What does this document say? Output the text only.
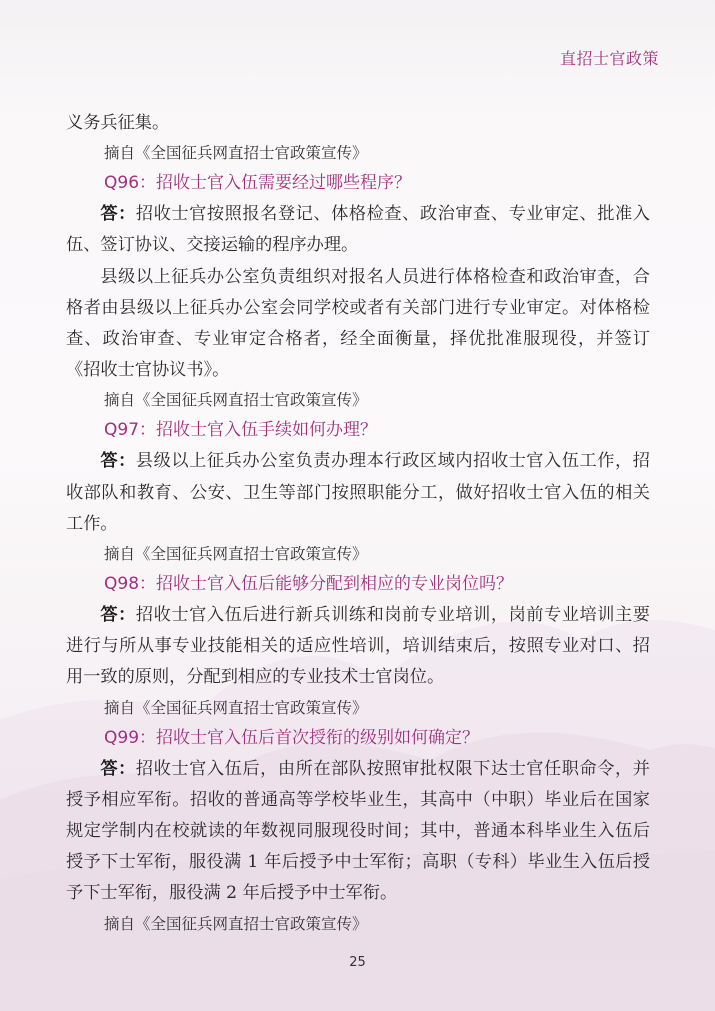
直招士官政策

义务兵征集。

摘自《全国征兵网直招士官政策宣传》

Q96：招收士官入伍需要经过哪些程序？

答：招收士官按照报名登记、体格检查、政治审查、专业审定、批准入伍、签订协议、交接运输的程序办理。

县级以上征兵办公室负责组织对报名人员进行体格检查和政治审查，合格者由县级以上征兵办公室会同学校或者有关部门进行专业审定。对体格检查、政治审查、专业审定合格者，经全面衡量，择优批准服现役，并签订《招收士官协议书》。

摘自《全国征兵网直招士官政策宣传》

Q97：招收士官入伍手续如何办理？

答：县级以上征兵办公室负责办理本行政区域内招收士官入伍工作，招收部队和教育、公安、卫生等部门按照职能分工，做好招收士官入伍的相关工作。

摘自《全国征兵网直招士官政策宣传》

Q98：招收士官入伍后能够分配到相应的专业岗位吗？

答：招收士官入伍后进行新兵训练和岗前专业培训，岗前专业培训主要进行与所从事专业技能相关的适应性培训，培训结束后，按照专业对口、招用一致的原则，分配到相应的专业技术士官岗位。

摘自《全国征兵网直招士官政策宣传》

Q99：招收士官入伍后首次授衔的级别如何确定？

答：招收士官入伍后，由所在部队按照审批权限下达士官任职命令，并授予相应军衔。招收的普通高等学校毕业生，其高中（中职）毕业后在国家规定学制内在校就读的年数视同服现役时间；其中，普通本科毕业生入伍后授予下士军衔，服役满 1 年后授予中士军衔；高职（专科）毕业生入伍后授予下士军衔，服役满 2 年后授予中士军衔。

摘自《全国征兵网直招士官政策宣传》

25
